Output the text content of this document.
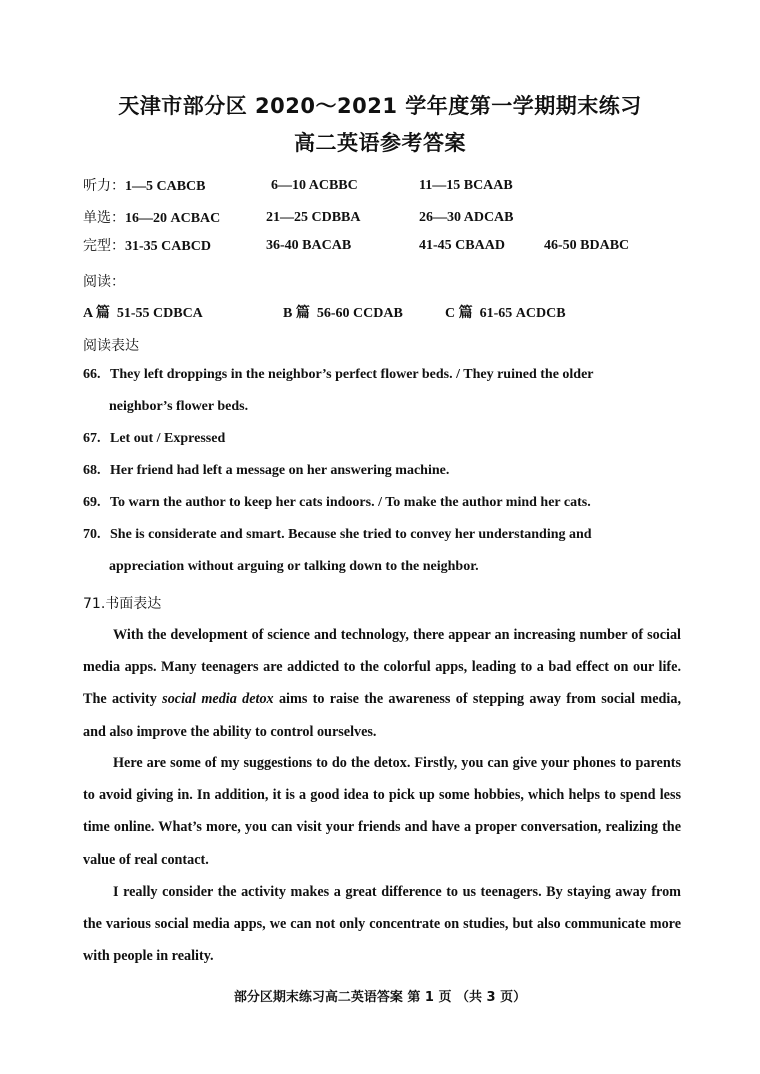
天津市部分区 2020～2021 学年度第一学期期末练习
高二英语参考答案
听力：1—5 CABCB	6—10 ACBBC	11—15 BCAAB
单选：16—20 ACBAC	21—25 CDBBA	26—30 ADCAB
完型：31-35 CABCD	36-40 BACAB	41-45 CBAAD	46-50 BDABC
阅读：
A 篇 51-55 CDBCA	B 篇 56-60 CCDAB	C 篇 61-65 ACDCB
阅读表达
66. They left droppings in the neighbor’s perfect flower beds. / They ruined the older
neighbor’s flower beds.
67. Let out / Expressed
68. Her friend had left a message on her answering machine.
69. To warn the author to keep her cats indoors. / To make the author mind her cats.
70. She is considerate and smart. Because she tried to convey her understanding and
appreciation without arguing or talking down to the neighbor.
71.书面表达

With the development of science and technology, there appear an increasing number of social media apps. Many teenagers are addicted to the colorful apps, leading to a bad effect on our life. The activity social media detox aims to raise the awareness of stepping away from social media, and also improve the ability to control ourselves.

Here are some of my suggestions to do the detox. Firstly, you can give your phones to parents to avoid giving in. In addition, it is a good idea to pick up some hobbies, which helps to spend less time online. What’s more, you can visit your friends and have a proper conversation, realizing the value of real contact.

I really consider the activity makes a great difference to us teenagers. By staying away from the various social media apps, we can not only concentrate on studies, but also communicate more with people in reality.

部分区期末练习高二英语答案 第 1 页 （共 3 页）
